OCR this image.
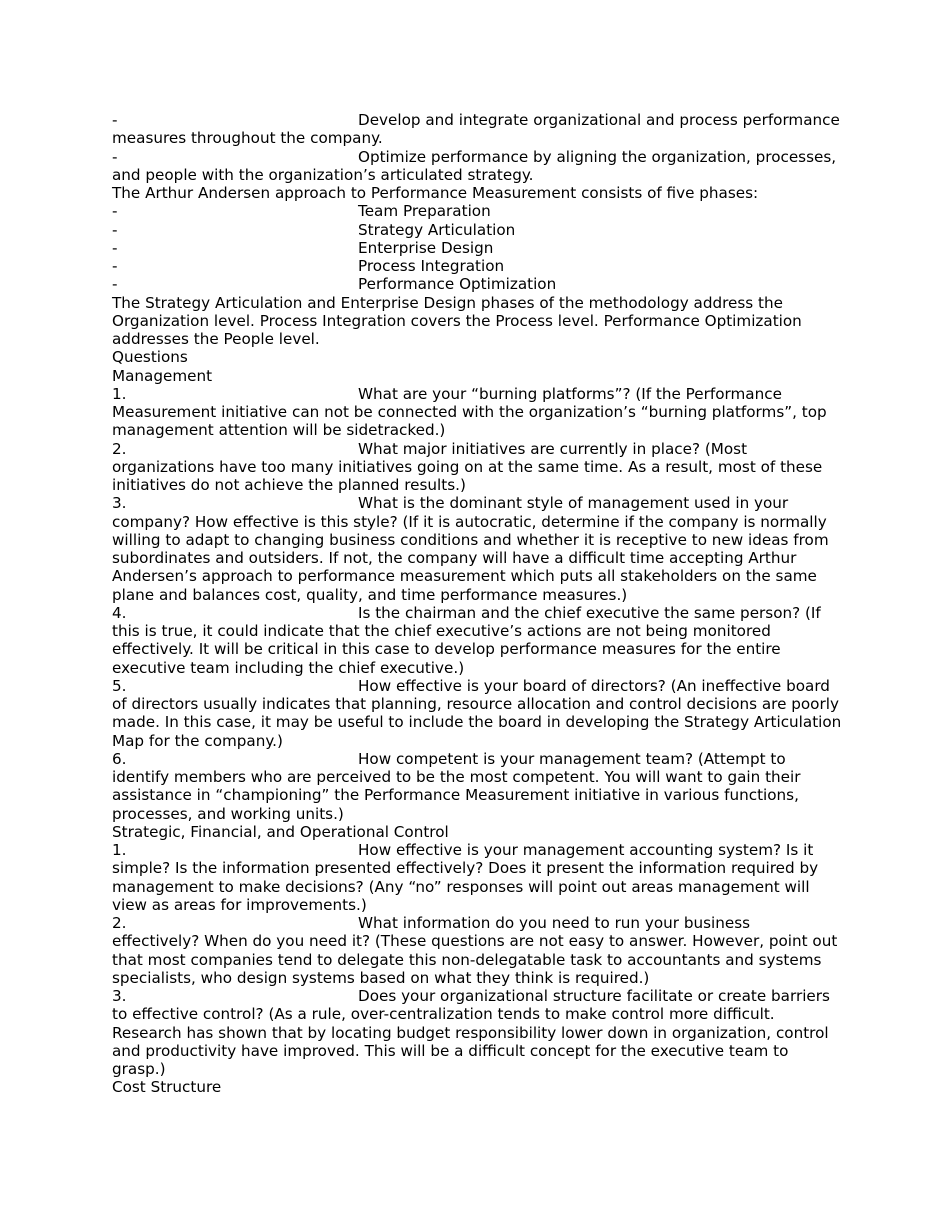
-	Develop and integrate organizational and process performance measures throughout the company.

-	Optimize performance by aligning the organization, processes, and people with the organization’s articulated strategy.

The Arthur Andersen approach to Performance Measurement consists of five phases:

-	Team Preparation

-	Strategy Articulation

-	Enterprise Design

-	Process Integration

-	Performance Optimization

The Strategy Articulation and Enterprise Design phases of the methodology address the Organization level. Process Integration covers the Process level. Performance Optimization addresses the People level.

Questions

Management

1.	What are your “burning platforms”? (If the Performance Measurement initiative can not be connected with the organization’s “burning platforms”, top management attention will be sidetracked.)

2.	What major initiatives are currently in place? (Most organizations have too many initiatives going on at the same time. As a result, most of these initiatives do not achieve the planned results.)

3.	What is the dominant style of management used in your company? How effective is this style? (If it is autocratic, determine if the company is normally willing to adapt to changing business conditions and whether it is receptive to new ideas from subordinates and outsiders. If not, the company will have a difficult time accepting Arthur Andersen’s approach to performance measurement which puts all stakeholders on the same plane and balances cost, quality, and time performance measures.)

4.	Is the chairman and the chief executive the same person? (If this is true, it could indicate that the chief executive’s actions are not being monitored effectively. It will be critical in this case to develop performance measures for the entire executive team including the chief executive.)

5.	How effective is your board of directors? (An ineffective board of directors usually indicates that planning, resource allocation and control decisions are poorly made. In this case, it may be useful to include the board in developing the Strategy Articulation Map for the company.)

6.	How competent is your management team? (Attempt to identify members who are perceived to be the most competent. You will want to gain their assistance in “championing” the Performance Measurement initiative in various functions, processes, and working units.)

Strategic, Financial, and Operational Control

1.	How effective is your management accounting system? Is it simple? Is the information presented effectively? Does it present the information required by management to make decisions? (Any “no” responses will point out areas management will view as areas for improvements.)

2.	What information do you need to run your business effectively? When do you need it? (These questions are not easy to answer. However, point out that most companies tend to delegate this non-delegatable task to accountants and systems specialists, who design systems based on what they think is required.)

3.	Does your organizational structure facilitate or create barriers to effective control? (As a rule, over-centralization tends to make control more difficult. Research has shown that by locating budget responsibility lower down in organization, control and productivity have improved. This will be a difficult concept for the executive team to grasp.)

Cost Structure
